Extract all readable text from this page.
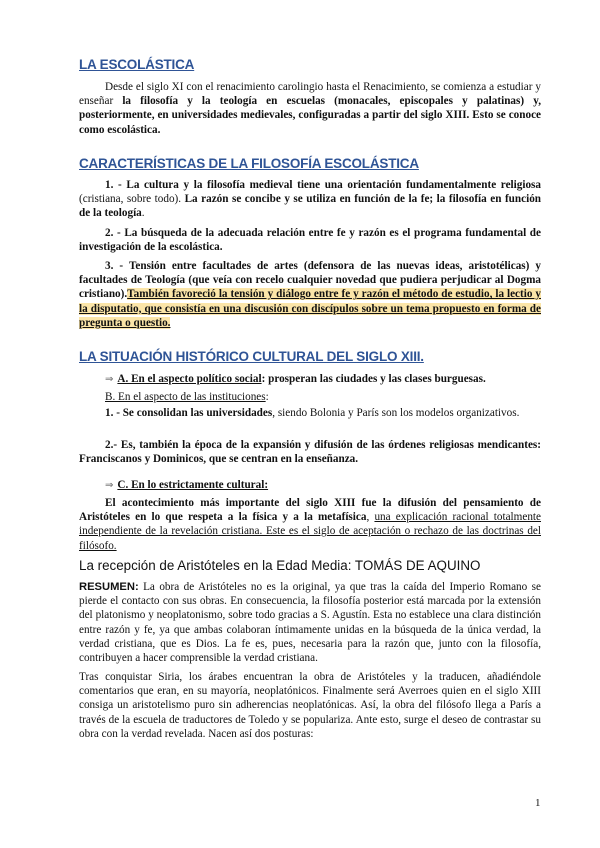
LA ESCOLÁSTICA

Desde el siglo XI con el renacimiento carolingio hasta el Renacimiento, se comienza a estudiar y enseñar la filosofía y la teología en escuelas (monacales, episcopales y palatinas) y, posteriormente, en universidades medievales, configuradas a partir del siglo XIII. Esto se conoce como escolástica.

CARACTERÍSTICAS DE LA FILOSOFÍA ESCOLÁSTICA

1. - La cultura y la filosofía medieval tiene una orientación fundamentalmente religiosa (cristiana, sobre todo). La razón se concibe y se utiliza en función de la fe; la filosofía en función de la teología.

2. - La búsqueda de la adecuada relación entre fe y razón es el programa fundamental de investigación de la escolástica.

3. - Tensión entre facultades de artes (defensora de las nuevas ideas, aristotélicas) y facultades de Teología (que veía con recelo cualquier novedad que pudiera perjudicar al Dogma cristiano).También favoreció la tensión y diálogo entre fe y razón el método de estudio, la lectio y la disputatio, que consistía en una discusión con discípulos sobre un tema propuesto en forma de pregunta o questio.

LA SITUACIÓN HISTÓRICO CULTURAL DEL SIGLO XIII.
⇒ A. En el aspecto político social: prosperan las ciudades y las clases burguesas.
B. En el aspecto de las instituciones:

1. - Se consolidan las universidades, siendo Bolonia y París son los modelos organizativos.

2.- Es, también la época de la expansión y difusión de las órdenes religiosas mendicantes: Franciscanos y Dominicos, que se centran en la enseñanza.

⇒ C. En lo estrictamente cultural:

El acontecimiento más importante del siglo XIII fue la difusión del pensamiento de Aristóteles en lo que respeta a la física y a la metafísica, una explicación racional totalmente independiente de la revelación cristiana. Este es el siglo de aceptación o rechazo de las doctrinas del filósofo.

La recepción de Aristóteles en la Edad Media: TOMÁS DE AQUINO

RESUMEN: La obra de Aristóteles no es la original, ya que tras la caída del Imperio Romano se pierde el contacto con sus obras. En consecuencia, la filosofía posterior está marcada por la extensión del platonismo y neoplatonismo, sobre todo gracias a S. Agustín. Esta no establece una clara distinción entre razón y fe, ya que ambas colaboran íntimamente unidas en la búsqueda de la única verdad, la verdad cristiana, que es Dios. La fe es, pues, necesaria para la razón que, junto con la filosofía, contribuyen a hacer comprensible la verdad cristiana.

Tras conquistar Siria, los árabes encuentran la obra de Aristóteles y la traducen, añadiéndole comentarios que eran, en su mayoría, neoplatónicos. Finalmente será Averroes quien en el siglo XIII consiga un aristotelismo puro sin adherencias neoplatónicas. Así, la obra del filósofo llega a París a través de la escuela de traductores de Toledo y se populariza. Ante esto, surge el deseo de contrastar su obra con la verdad revelada. Nacen así dos posturas:

1
